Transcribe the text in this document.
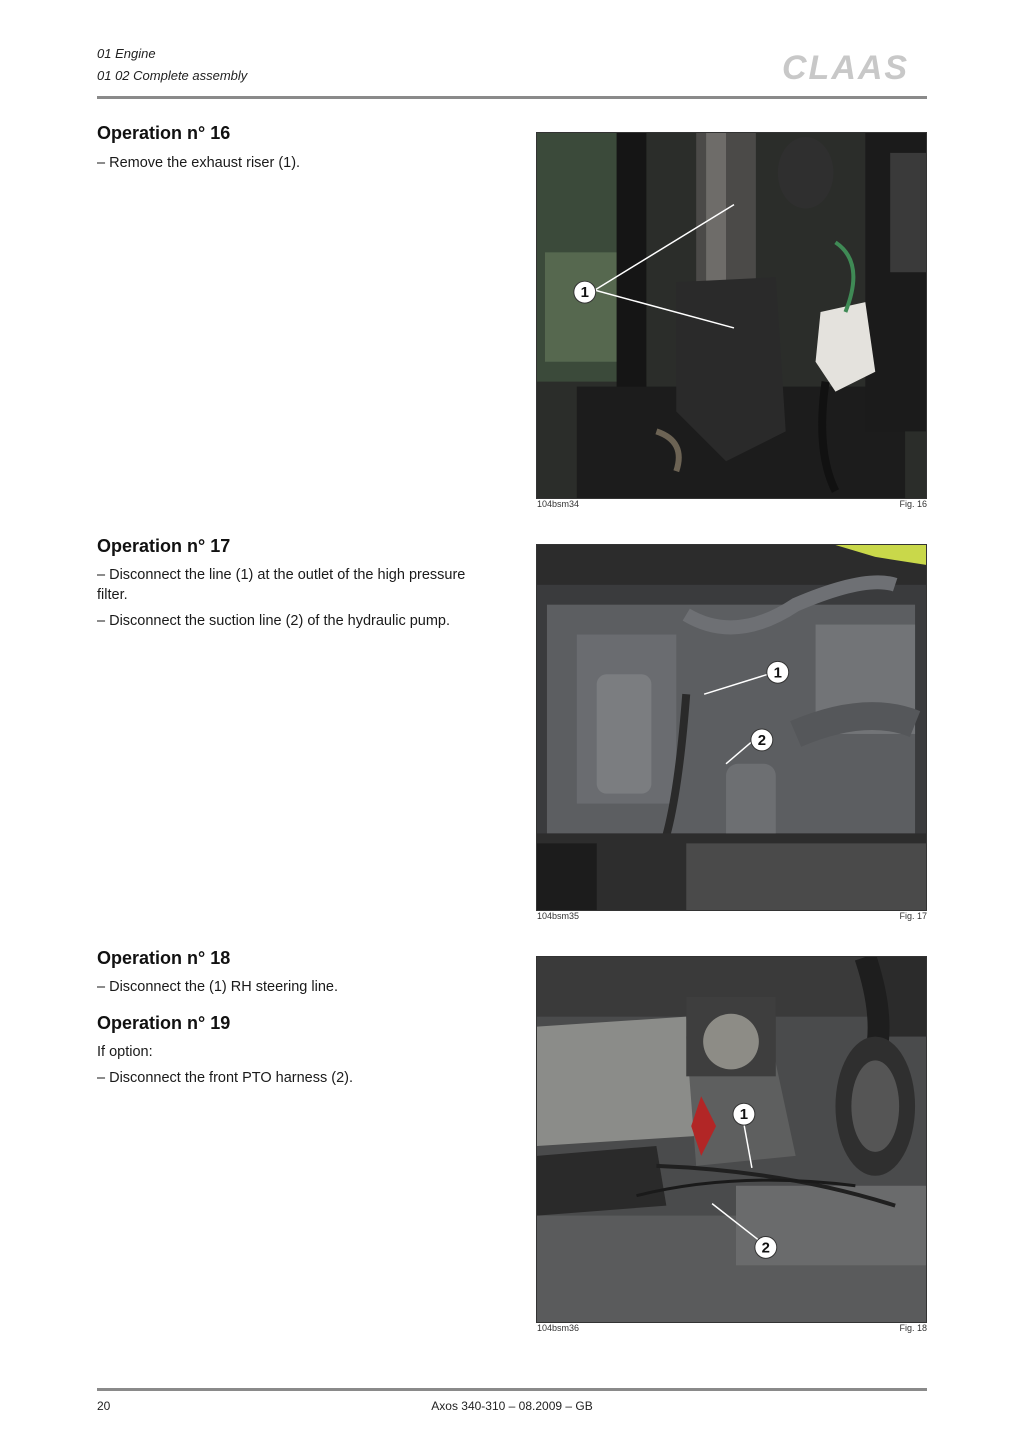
01 Engine
01 02 Complete assembly	CLAAS
Operation n° 16
– Remove the exhaust riser (1).
1
104bsm34	Fig. 16
Operation n° 17
– Disconnect the line (1) at the outlet of the high pressure filter.
– Disconnect the suction line (2) of the hydraulic pump.
1
2
104bsm35	Fig. 17
Operation n° 18
– Disconnect the (1) RH steering line.
Operation n° 19
If option:
– Disconnect the front PTO harness (2).
1
2
104bsm36	Fig. 18
20	Axos 340-310 – 08.2009 – GB
